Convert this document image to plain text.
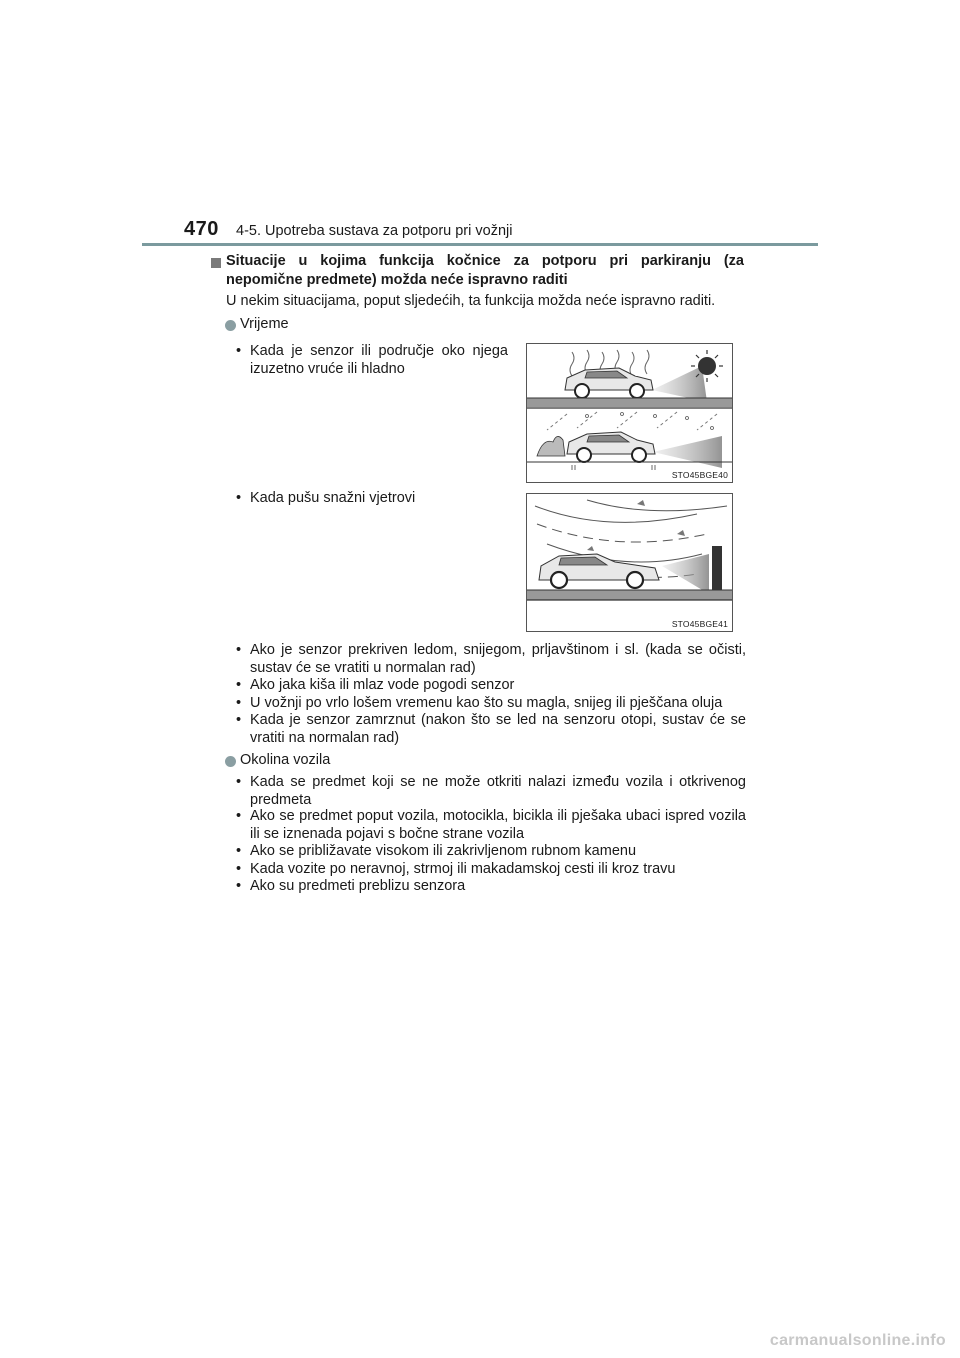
470 4-5. Upotreba sustava za potporu pri vožnji
Situacije u kojima funkcija kočnice za potporu pri parkiranju (za nepomične predmete) možda neće ispravno raditi
U nekim situacijama, poput sljedećih, ta funkcija možda neće ispravno raditi.
Vrijeme
• Kada je senzor ili područje oko njega izuzetno vruće ili hladno
STO45BGE40
• Kada pušu snažni vjetrovi
STO45BGE41
• Ako je senzor prekriven ledom, snijegom, prljavštinom i sl. (kada se očisti, sustav će se vratiti u normalan rad)
• Ako jaka kiša ili mlaz vode pogodi senzor
• U vožnji po vrlo lošem vremenu kao što su magla, snijeg ili pješčana oluja
• Kada je senzor zamrznut (nakon što se led na senzoru otopi, sustav će se vratiti na normalan rad)
Okolina vozila
• Kada se predmet koji se ne može otkriti nalazi između vozila i otkrivenog predmeta
• Ako se predmet poput vozila, motocikla, bicikla ili pješaka ubaci ispred vozila ili se iznenada pojavi s bočne strane vozila
• Ako se približavate visokom ili zakrivljenom rubnom kamenu
• Kada vozite po neravnoj, strmoj ili makadamskoj cesti ili kroz travu
• Ako su predmeti preblizu senzora
carmanualsonline.info
